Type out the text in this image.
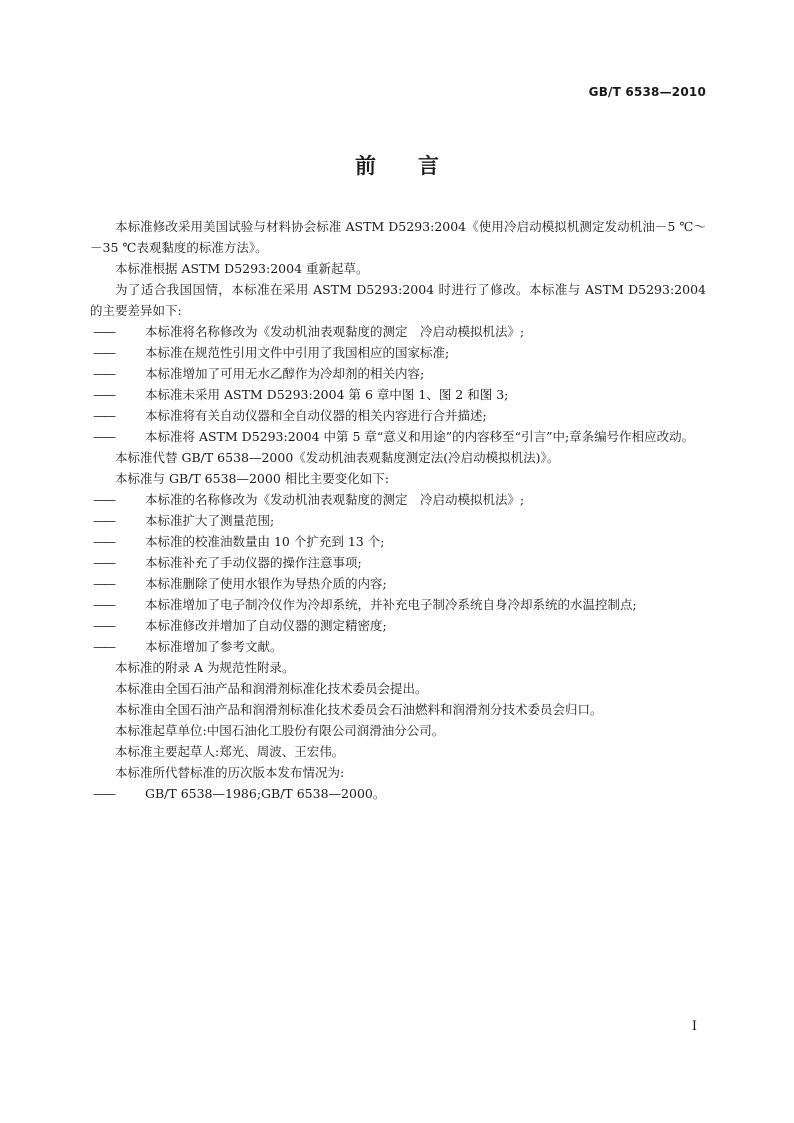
GB/T 6538—2010
前言

本标准修改采用美国试验与材料协会标准 ASTM D5293:2004《使用冷启动模拟机测定发动机油－5 ℃～－35 ℃表观黏度的标准方法》。

本标准根据 ASTM D5293:2004 重新起草。

为了适合我国国情，本标准在采用 ASTM D5293:2004 时进行了修改。本标准与 ASTM D5293:2004 的主要差异如下:

—— 本标准将名称修改为《发动机油表观黏度的测定　冷启动模拟机法》;

—— 本标准在规范性引用文件中引用了我国相应的国家标准;

—— 本标准增加了可用无水乙醇作为冷却剂的相关内容;

—— 本标准未采用 ASTM D5293:2004 第 6 章中图 1、图 2 和图 3;

—— 本标准将有关自动仪器和全自动仪器的相关内容进行合并描述;

—— 本标准将 ASTM D5293:2004 中第 5 章“意义和用途”的内容移至“引言”中;章条编号作相应改动。

本标准代替 GB/T 6538—2000《发动机油表观黏度测定法(冷启动模拟机法)》。

本标准与 GB/T 6538—2000 相比主要变化如下:

—— 本标准的名称修改为《发动机油表观黏度的测定　冷启动模拟机法》;

—— 本标准扩大了测量范围;

—— 本标准的校准油数量由 10 个扩充到 13 个;

—— 本标准补充了手动仪器的操作注意事项;

—— 本标准删除了使用水银作为导热介质的内容;

—— 本标准增加了电子制冷仪作为冷却系统，并补充电子制冷系统自身冷却系统的水温控制点;

—— 本标准修改并增加了自动仪器的测定精密度;

—— 本标准增加了参考文献。

本标准的附录 A 为规范性附录。

本标准由全国石油产品和润滑剂标准化技术委员会提出。

本标准由全国石油产品和润滑剂标准化技术委员会石油燃料和润滑剂分技术委员会归口。

本标准起草单位:中国石油化工股份有限公司润滑油分公司。

本标准主要起草人:郑光、周波、王宏伟。

本标准所代替标准的历次版本发布情况为:

—— GB/T 6538—1986;GB/T 6538—2000。

I
